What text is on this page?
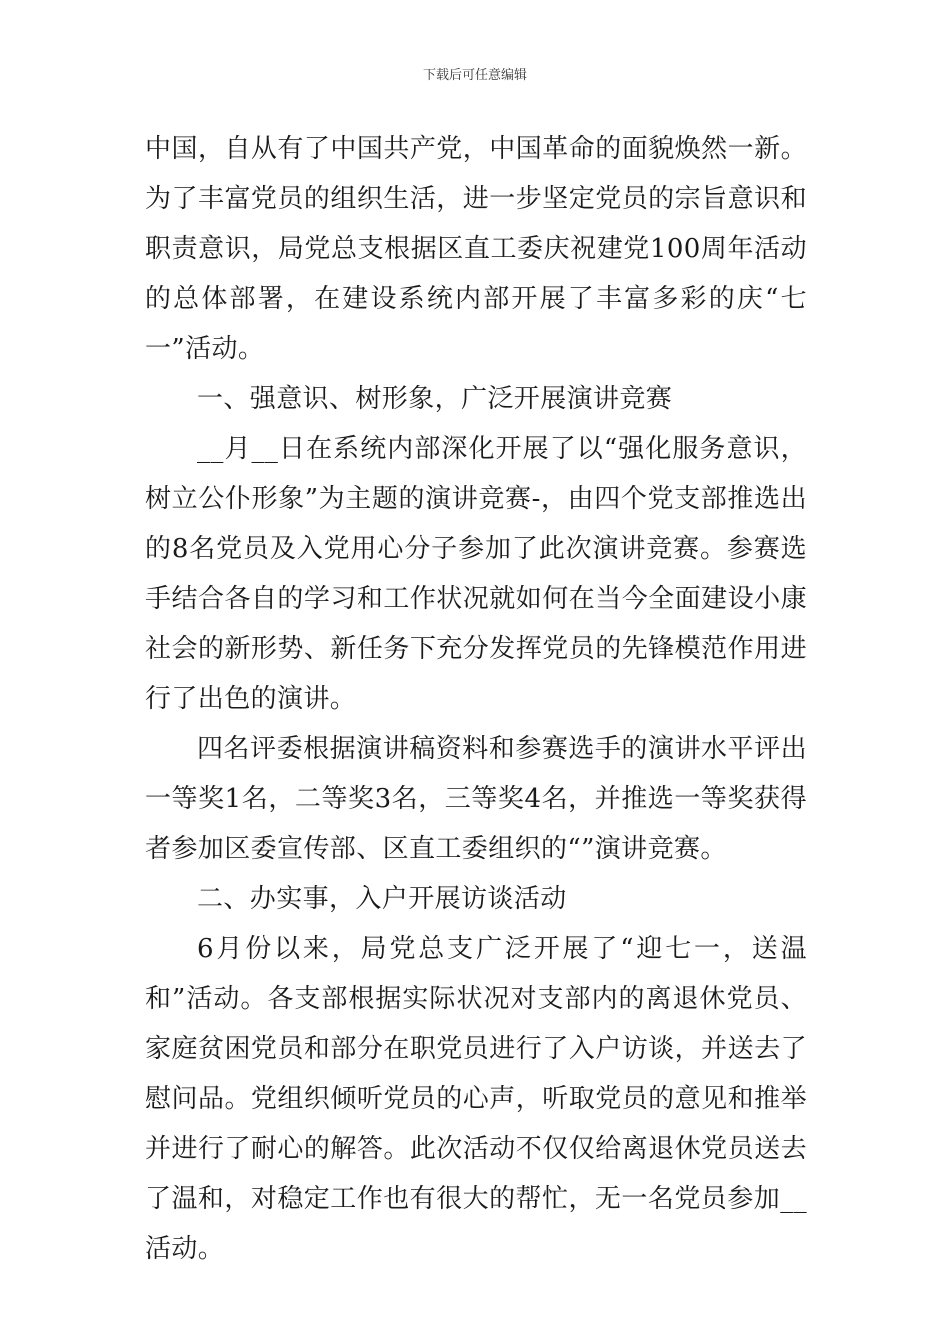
下载后可任意编辑

中国，自从有了中国共产党，中国革命的面貌焕然一新。为了丰富党员的组织生活，进一步坚定党员的宗旨意识和职责意识，局党总支根据区直工委庆祝建党100周年活动的总体部署，在建设系统内部开展了丰富多彩的庆“七一”活动。

一、强意识、树形象，广泛开展演讲竞赛

__月__日在系统内部深化开展了以“强化服务意识，树立公仆形象”为主题的演讲竞赛-，由四个党支部推选出的8名党员及入党用心分子参加了此次演讲竞赛。参赛选手结合各自的学习和工作状况就如何在当今全面建设小康社会的新形势、新任务下充分发挥党员的先锋模范作用进行了出色的演讲。

四名评委根据演讲稿资料和参赛选手的演讲水平评出一等奖1名，二等奖3名，三等奖4名，并推选一等奖获得者参加区委宣传部、区直工委组织的“”演讲竞赛。

二、办实事，入户开展访谈活动

6月份以来，局党总支广泛开展了“迎七一，送温和”活动。各支部根据实际状况对支部内的离退休党员、家庭贫困党员和部分在职党员进行了入户访谈，并送去了慰问品。党组织倾听党员的心声，听取党员的意见和推举并进行了耐心的解答。此次活动不仅仅给离退休党员送去了温和，对稳定工作也有很大的帮忙，无一名党员参加__活动。
